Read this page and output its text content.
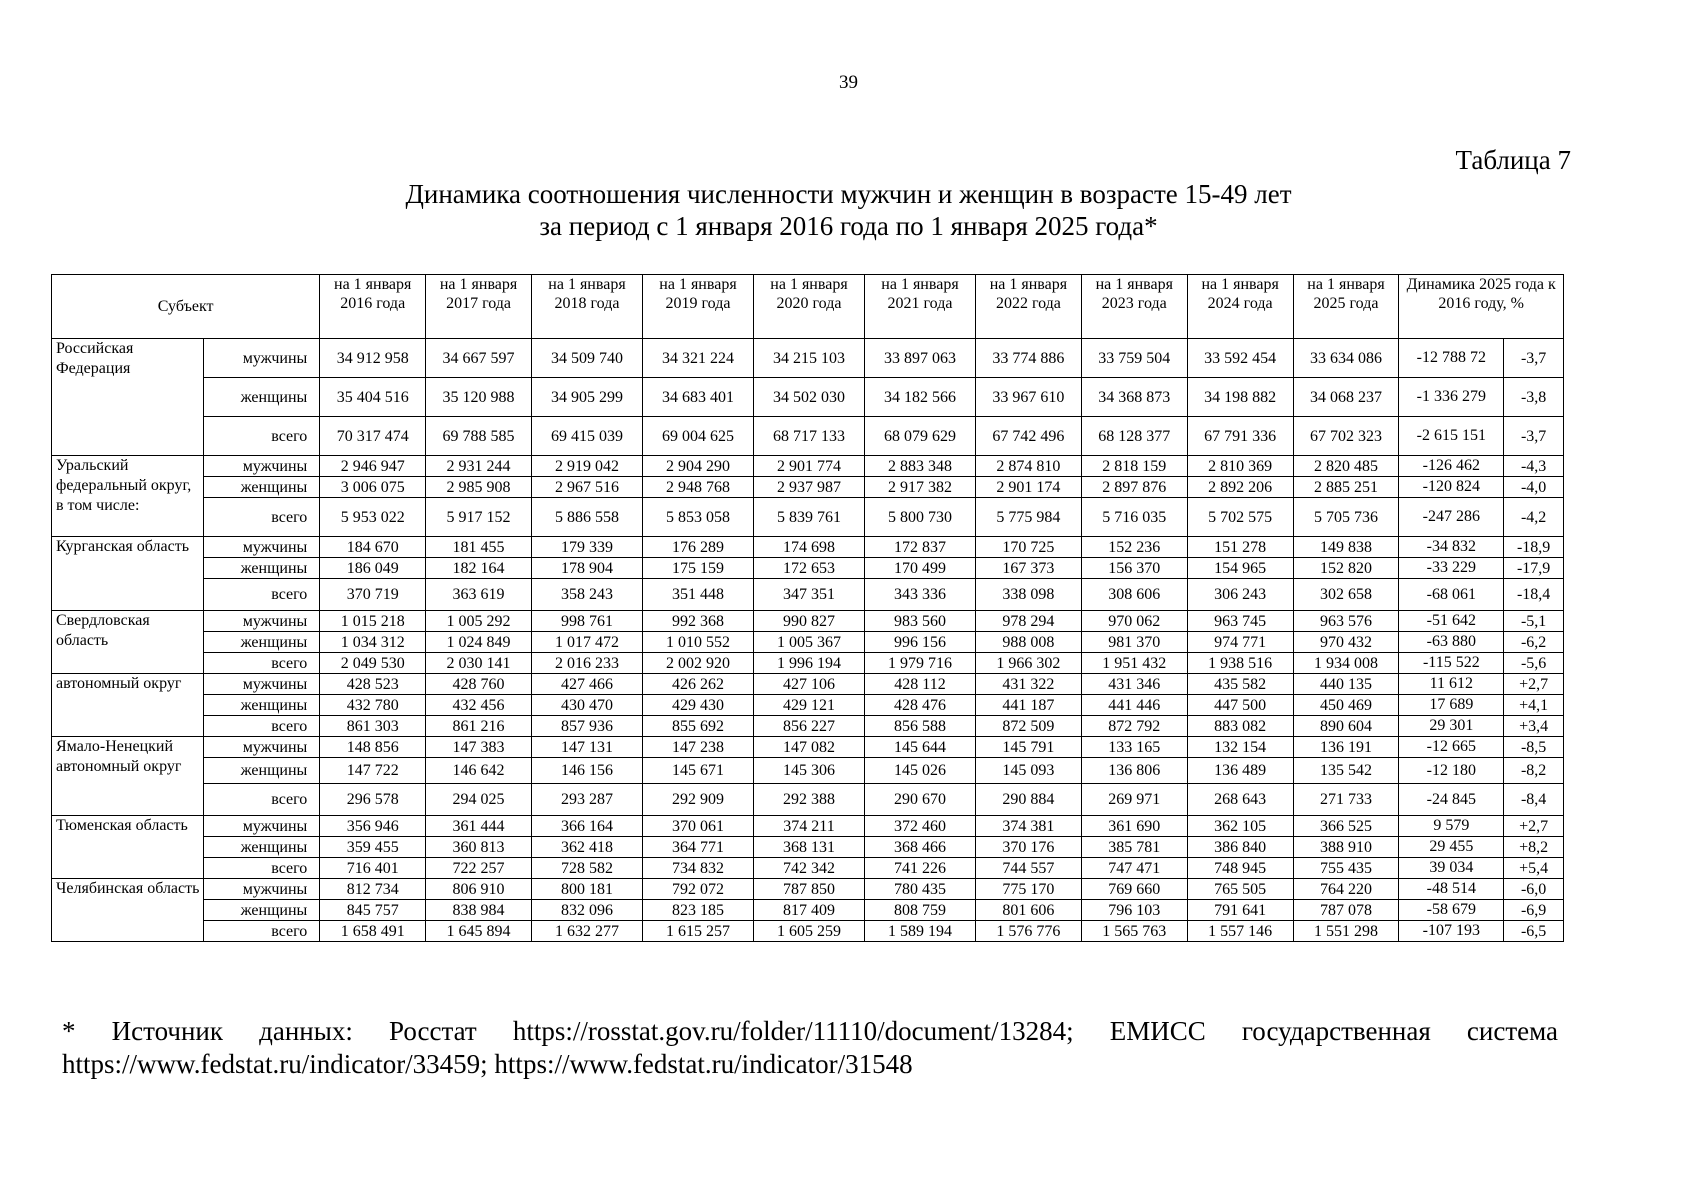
39
Таблица 7
Динамика соотношения численности мужчин и женщин в возрасте 15-49 лет
за период с 1 января 2016 года по 1 января 2025 года*
Субъект		на 1 января 2016 года	на 1 января 2017 года	на 1 января 2018 года	на 1 января 2019 года	на 1 января 2020 года	на 1 января 2021 года	на 1 января 2022 года	на 1 января 2023 года	на 1 января 2024 года	на 1 января 2025 года	Динамика 2025 года к 2016 году, %	
Российская Федерация	мужчины	34 912 958	34 667 597	34 509 740	34 321 224	34 215 103	33 897 063	33 774 886	33 759 504	33 592 454	33 634 086	-12 788 72	-3,7
	женщины	35 404 516	35 120 988	34 905 299	34 683 401	34 502 030	34 182 566	33 967 610	34 368 873	34 198 882	34 068 237	-1 336 279	-3,8
	всего	70 317 474	69 788 585	69 415 039	69 004 625	68 717 133	68 079 629	67 742 496	68 128 377	67 791 336	67 702 323	-2 615 151	-3,7
Уральский федеральный округ, в том числе:	мужчины	2 946 947	2 931 244	2 919 042	2 904 290	2 901 774	2 883 348	2 874 810	2 818 159	2 810 369	2 820 485	-126 462	-4,3
	женщины	3 006 075	2 985 908	2 967 516	2 948 768	2 937 987	2 917 382	2 901 174	2 897 876	2 892 206	2 885 251	-120 824	-4,0
	всего	5 953 022	5 917 152	5 886 558	5 853 058	5 839 761	5 800 730	5 775 984	5 716 035	5 702 575	5 705 736	-247 286	-4,2
Курганская область	мужчины	184 670	181 455	179 339	176 289	174 698	172 837	170 725	152 236	151 278	149 838	-34 832	-18,9
	женщины	186 049	182 164	178 904	175 159	172 653	170 499	167 373	156 370	154 965	152 820	-33 229	-17,9
	всего	370 719	363 619	358 243	351 448	347 351	343 336	338 098	308 606	306 243	302 658	-68 061	-18,4
Свердловская область	мужчины	1 015 218	1 005 292	998 761	992 368	990 827	983 560	978 294	970 062	963 745	963 576	-51 642	-5,1
	женщины	1 034 312	1 024 849	1 017 472	1 010 552	1 005 367	996 156	988 008	981 370	974 771	970 432	-63 880	-6,2
	всего	2 049 530	2 030 141	2 016 233	2 002 920	1 996 194	1 979 716	1 966 302	1 951 432	1 938 516	1 934 008	-115 522	-5,6
автономный округ	мужчины	428 523	428 760	427 466	426 262	427 106	428 112	431 322	431 346	435 582	440 135	11 612	+2,7
	женщины	432 780	432 456	430 470	429 430	429 121	428 476	441 187	441 446	447 500	450 469	17 689	+4,1
	всего	861 303	861 216	857 936	855 692	856 227	856 588	872 509	872 792	883 082	890 604	29 301	+3,4
Ямало-Ненецкий автономный округ	мужчины	148 856	147 383	147 131	147 238	147 082	145 644	145 791	133 165	132 154	136 191	-12 665	-8,5
	женщины	147 722	146 642	146 156	145 671	145 306	145 026	145 093	136 806	136 489	135 542	-12 180	-8,2
	всего	296 578	294 025	293 287	292 909	292 388	290 670	290 884	269 971	268 643	271 733	-24 845	-8,4
Тюменская область	мужчины	356 946	361 444	366 164	370 061	374 211	372 460	374 381	361 690	362 105	366 525	9 579	+2,7
	женщины	359 455	360 813	362 418	364 771	368 131	368 466	370 176	385 781	386 840	388 910	29 455	+8,2
	всего	716 401	722 257	728 582	734 832	742 342	741 226	744 557	747 471	748 945	755 435	39 034	+5,4
Челябинская область	мужчины	812 734	806 910	800 181	792 072	787 850	780 435	775 170	769 660	765 505	764 220	-48 514	-6,0
	женщины	845 757	838 984	832 096	823 185	817 409	808 759	801 606	796 103	791 641	787 078	-58 679	-6,9
	всего	1 658 491	1 645 894	1 632 277	1 615 257	1 605 259	1 589 194	1 576 776	1 565 763	1 557 146	1 551 298	-107 193	-6,5
* Источник данных: Росстат https://rosstat.gov.ru/folder/11110/document/13284; ЕМИСС государственная система
https://www.fedstat.ru/indicator/33459; https://www.fedstat.ru/indicator/31548
